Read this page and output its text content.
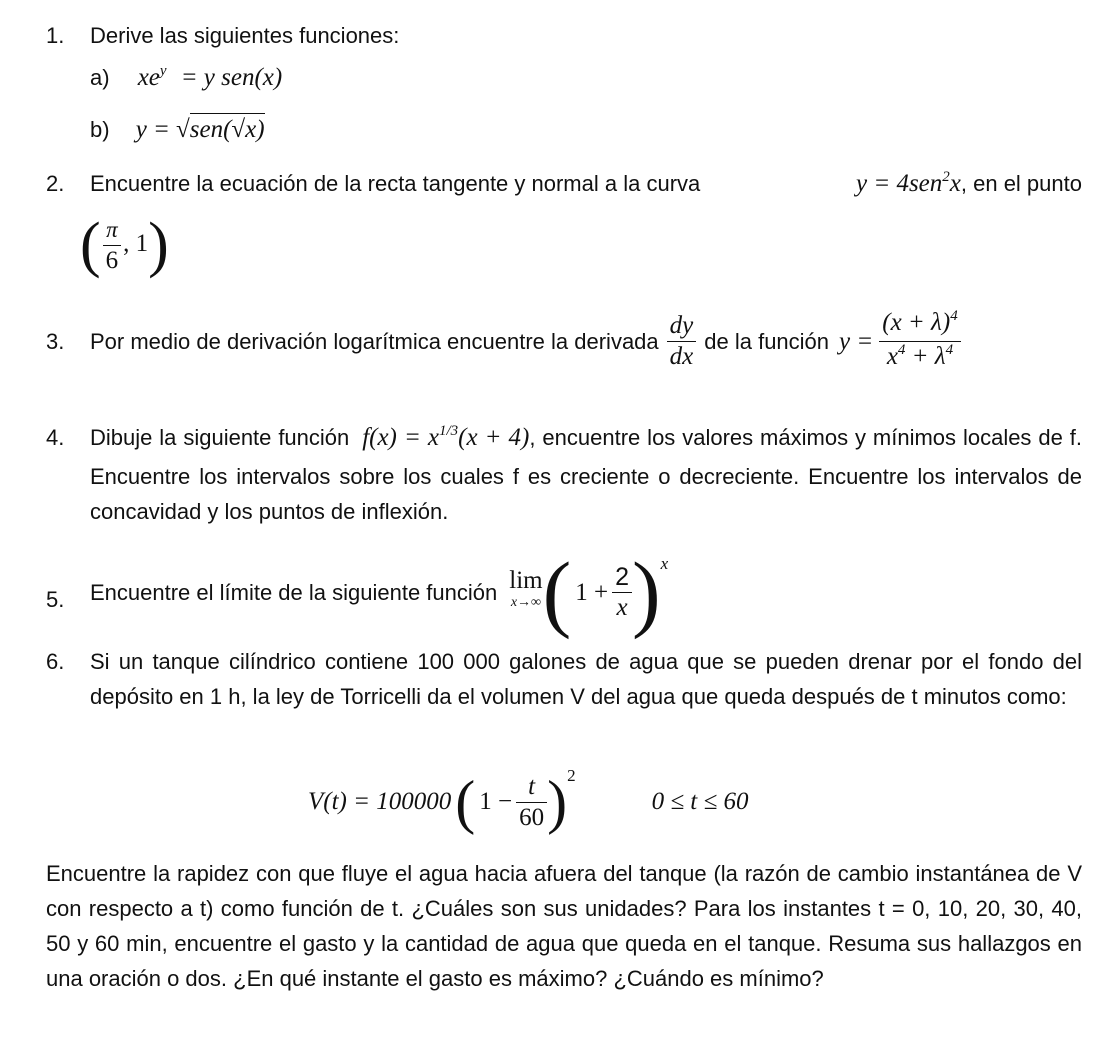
1.	Derive las siguientes funciones:
a) $xe^y = y$ sen(x)
b) y = √sen(√x)
2.	Encuentre la ecuación de la recta tangente y normal a la curva	y = 4sen$^2$x, en el punto
( $\frac{\pi}{6}$ , 1)
3.	Por medio de derivación logarítmica encuentre la derivada $\frac{dy}{dx}$ de la función $y = \frac{(x + \lambda)^4}{x^4 + \lambda^4}$
4.	Dibuje la siguiente función $f(x) = x^{1/3}(x + 4)$, encuentre los valores máximos y mínimos locales de f. Encuentre los intervalos sobre los cuales f es creciente o decreciente. Encuentre los intervalos de concavidad y los puntos de inflexión.
5.	Encuentre el límite de la siguiente función lim
x→∞ ( $1 + \frac{2}{x}$ ) x
6.	Si un tanque cilíndrico contiene 100 000 galones de agua que se pueden drenar por el fondo del depósito en 1 h, la ley de Torricelli da el volumen V del agua que queda después de t minutos como:
V(t) = 100000 ( $1 - \frac{t}{60}$ ) 2
0 ≤ t ≤ 60
Encuentre la rapidez con que fluye el agua hacia afuera del tanque (la razón de cambio instantánea de V con respecto a t) como función de t. ¿Cuáles son sus unidades? Para los instantes t = 0, 10, 20, 30, 40, 50 y 60 min, encuentre el gasto y la cantidad de agua que queda en el tanque. Resuma sus hallazgos en una oración o dos. ¿En qué instante el gasto es máximo? ¿Cuándo es mínimo?
